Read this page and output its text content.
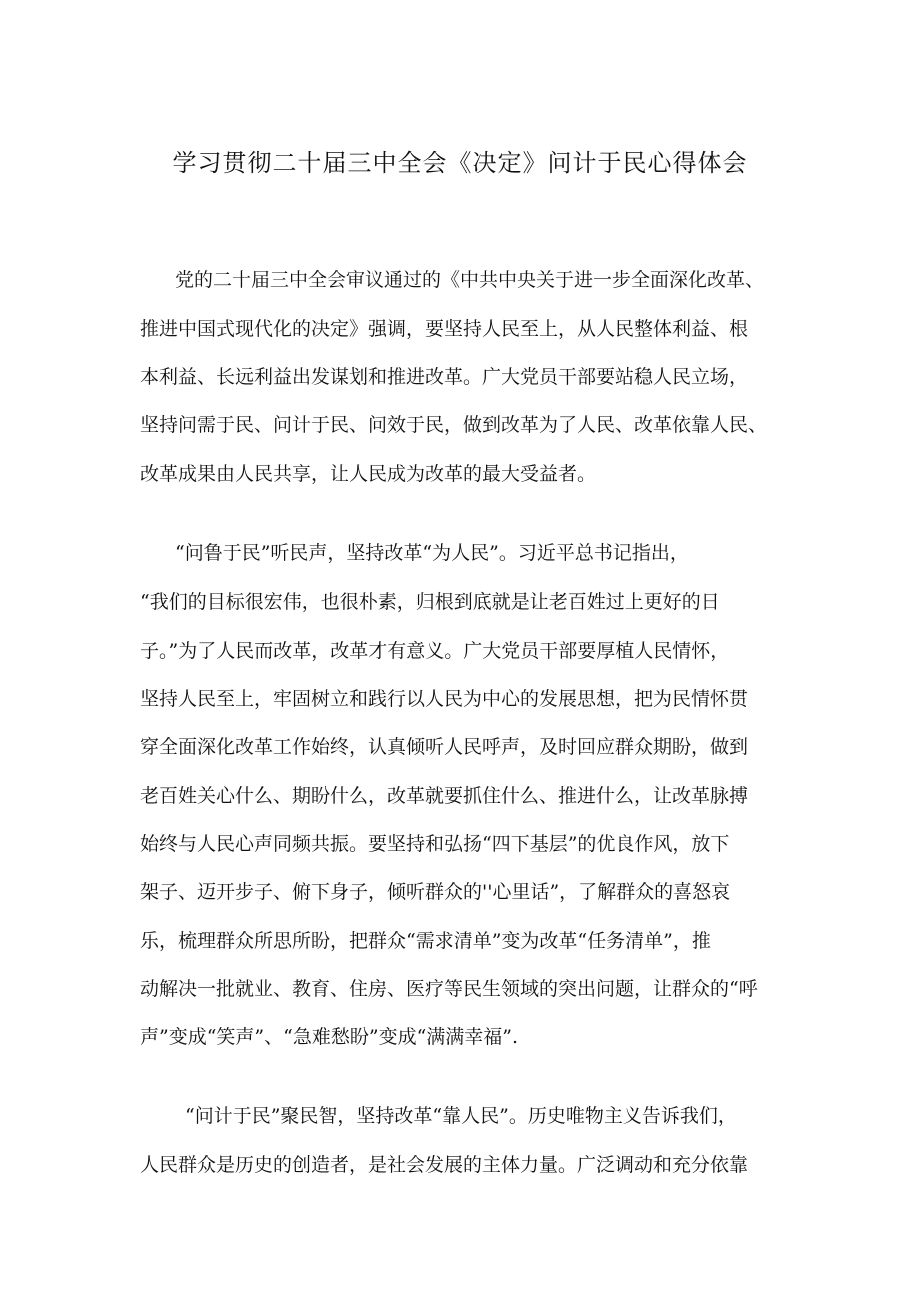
学习贯彻二十届三中全会《决定》问计于民心得体会
党的二十届三中全会审议通过的《中共中央关于进一步全面深化改革、
推进中国式现代化的决定》强调，要坚持人民至上，从人民整体利益、根
本利益、长远利益出发谋划和推进改革。广大党员干部要站稳人民立场，
坚持问需于民、问计于民、问效于民，做到改革为了人民、改革依靠人民、
改革成果由人民共享，让人民成为改革的最大受益者。
“问鲁于民”听民声，坚持改革“为人民”。习近平总书记指出，
“我们的目标很宏伟，也很朴素，归根到底就是让老百姓过上更好的日
子。”为了人民而改革，改革才有意义。广大党员干部要厚植人民情怀，
坚持人民至上，牢固树立和践行以人民为中心的发展思想，把为民情怀贯
穿全面深化改革工作始终，认真倾听人民呼声，及时回应群众期盼，做到
老百姓关心什么、期盼什么，改革就要抓住什么、推进什么，让改革脉搏
始终与人民心声同频共振。要坚持和弘扬“四下基层”的优良作风，放下
架子、迈开步子、俯下身子，倾听群众的''心里话”，了解群众的喜怒哀
乐，梳理群众所思所盼，把群众“需求清单”变为改革“任务清单”，推
动解决一批就业、教育、住房、医疗等民生领域的突出问题，让群众的“呼
声”变成“笑声”、“急难愁盼”变成“满满幸福”.
“问计于民”聚民智，坚持改革“靠人民”。历史唯物主义告诉我们，
人民群众是历史的创造者，是社会发展的主体力量。广泛调动和充分依靠
